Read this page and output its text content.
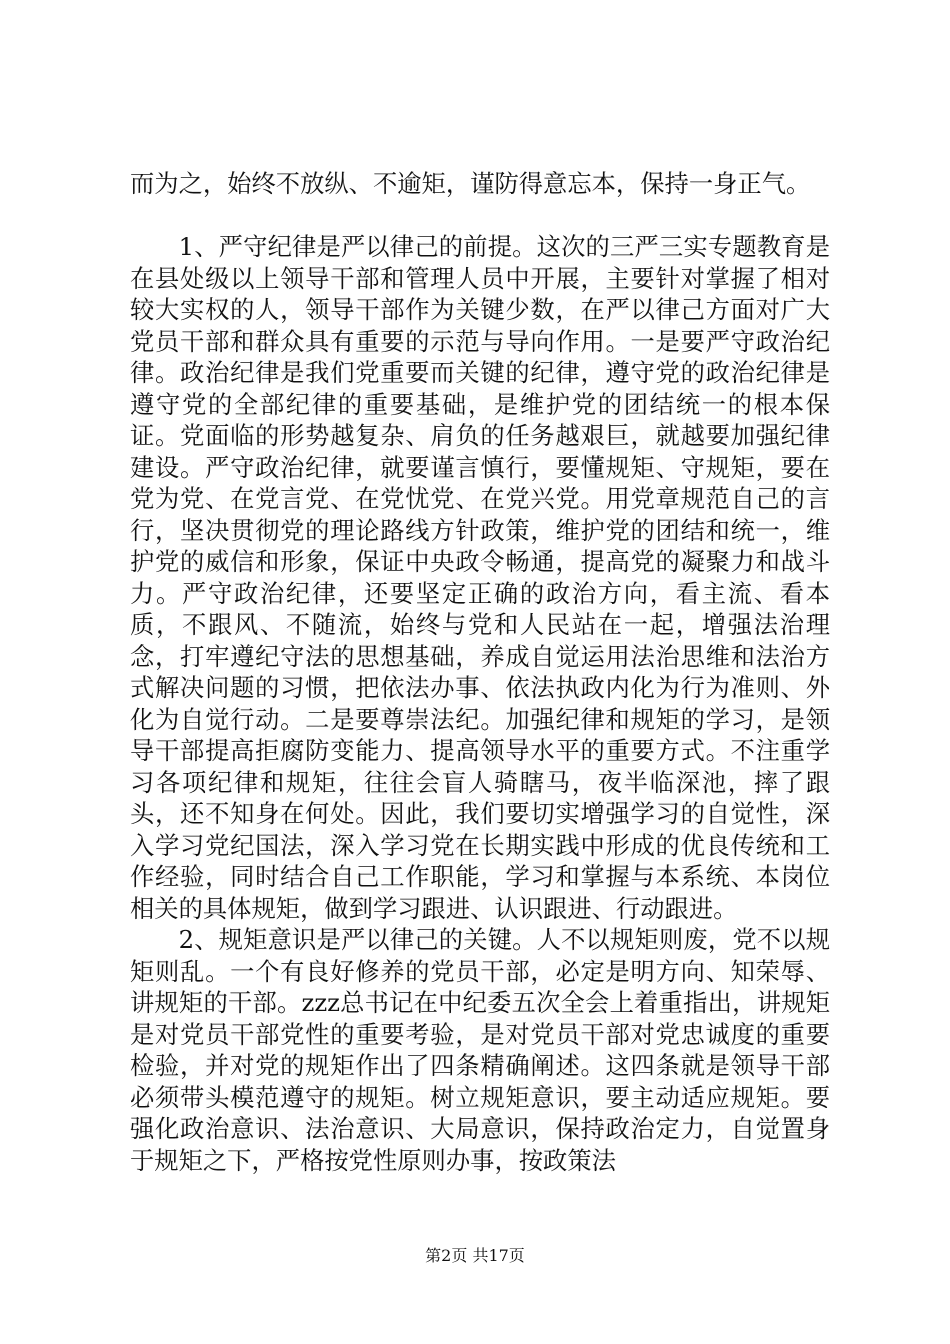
而为之，始终不放纵、不逾矩，谨防得意忘本，保持一身正气。

1、严守纪律是严以律己的前提。这次的三严三实专题教育是在县处级以上领导干部和管理人员中开展，主要针对掌握了相对较大实权的人，领导干部作为关键少数，在严以律己方面对广大党员干部和群众具有重要的示范与导向作用。一是要严守政治纪律。政治纪律是我们党重要而关键的纪律，遵守党的政治纪律是遵守党的全部纪律的重要基础，是维护党的团结统一的根本保证。党面临的形势越复杂、肩负的任务越艰巨，就越要加强纪律建设。严守政治纪律，就要谨言慎行，要懂规矩、守规矩，要在党为党、在党言党、在党忧党、在党兴党。用党章规范自己的言行，坚决贯彻党的理论路线方针政策，维护党的团结和统一，维护党的威信和形象，保证中央政令畅通，提高党的凝聚力和战斗力。严守政治纪律，还要坚定正确的政治方向，看主流、看本质，不跟风、不随流，始终与党和人民站在一起，增强法治理念，打牢遵纪守法的思想基础，养成自觉运用法治思维和法治方式解决问题的习惯，把依法办事、依法执政内化为行为准则、外化为自觉行动。二是要尊崇法纪。加强纪律和规矩的学习，是领导干部提高拒腐防变能力、提高领导水平的重要方式。不注重学习各项纪律和规矩，往往会盲人骑瞎马，夜半临深池，摔了跟头，还不知身在何处。因此，我们要切实增强学习的自觉性，深入学习党纪国法，深入学习党在长期实践中形成的优良传统和工作经验，同时结合自己工作职能，学习和掌握与本系统、本岗位相关的具体规矩，做到学习跟进、认识跟进、行动跟进。

2、规矩意识是严以律己的关键。人不以规矩则废，党不以规矩则乱。一个有良好修养的党员干部，必定是明方向、知荣辱、讲规矩的干部。zzz总书记在中纪委五次全会上着重指出，讲规矩是对党员干部党性的重要考验，是对党员干部对党忠诚度的重要检验，并对党的规矩作出了四条精确阐述。这四条就是领导干部必须带头模范遵守的规矩。树立规矩意识，要主动适应规矩。要强化政治意识、法治意识、大局意识，保持政治定力，自觉置身于规矩之下，严格按党性原则办事，按政策法

第2页 共17页
